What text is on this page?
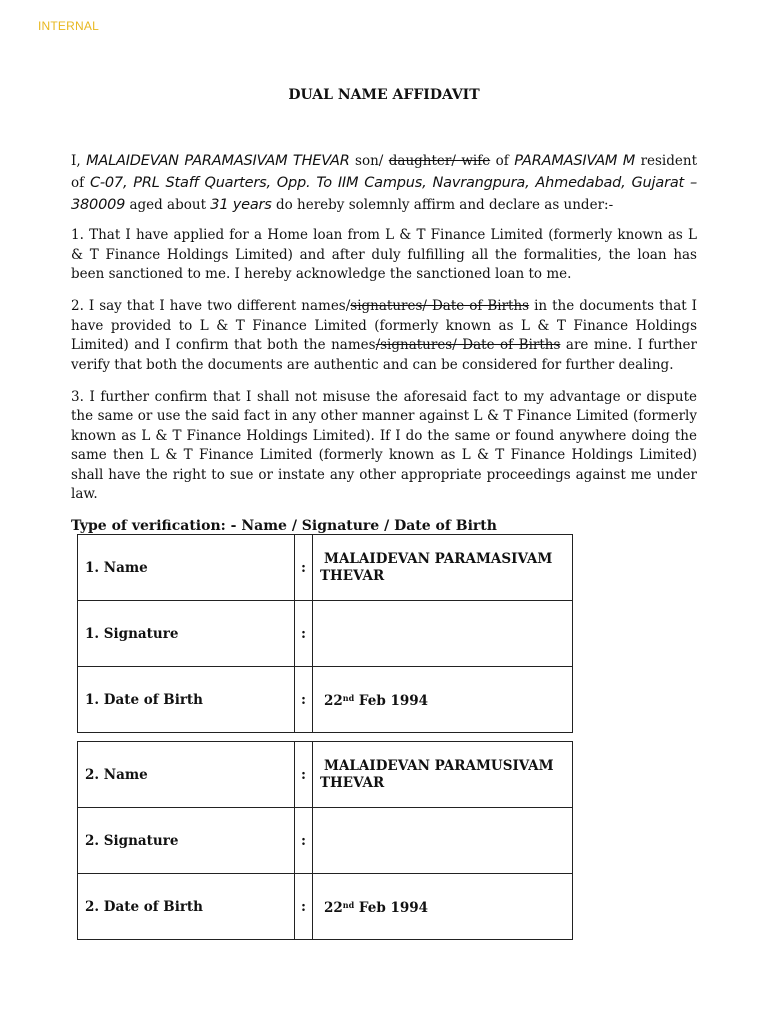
INTERNAL
DUAL NAME AFFIDAVIT

I, MALAIDEVAN PARAMASIVAM THEVAR son/ daughter/ wife of PARAMASIVAM M resident of C-07, PRL Staff Quarters, Opp. To IIM Campus, Navrangpura, Ahmedabad, Gujarat – 380009 aged about 31 years do hereby solemnly affirm and declare as under:-

1. That I have applied for a Home loan from L & T Finance Limited (formerly known as L & T Finance Holdings Limited) and after duly fulfilling all the formalities, the loan has been sanctioned to me. I hereby acknowledge the sanctioned loan to me.

2. I say that I have two different names/signatures/ Date of Births in the documents that I have provided to L & T Finance Limited (formerly known as L & T Finance Holdings Limited) and I confirm that both the names/signatures/ Date of Births are mine. I further verify that both the documents are authentic and can be considered for further dealing.

3. I further confirm that I shall not misuse the aforesaid fact to my advantage or dispute the same or use the said fact in any other manner against L & T Finance Limited (formerly known as L & T Finance Holdings Limited). If I do the same or found anywhere doing the same then L & T Finance Limited (formerly known as L & T Finance Holdings Limited) shall have the right to sue or instate any other appropriate proceedings against me under law.

Type of verification: - Name / Signature / Date of Birth
1. Name	:	MALAIDEVAN PARAMASIVAM
THEVAR

1. Signature	:	
1. Date of Birth	:	22nd Feb 1994
2. Name	:	MALAIDEVAN PARAMUSIVAM
THEVAR

2. Signature	:	
2. Date of Birth	:	22nd Feb 1994
